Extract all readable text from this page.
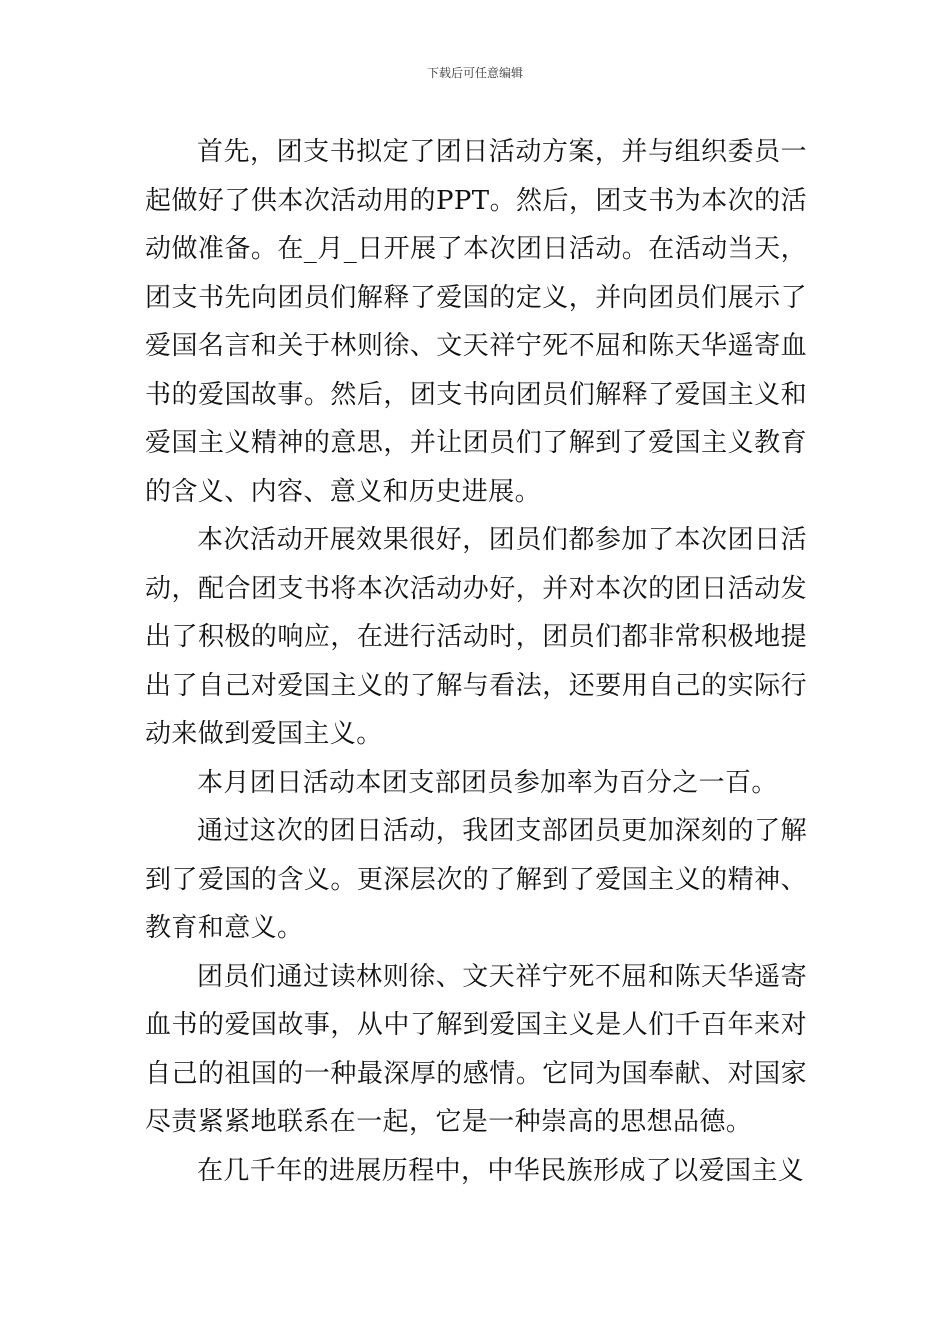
下载后可任意编辑

首先，团支书拟定了团日活动方案，并与组织委员一起做好了供本次活动用的PPT。然后，团支书为本次的活动做准备。在_月_日开展了本次团日活动。在活动当天，团支书先向团员们解释了爱国的定义，并向团员们展示了爱国名言和关于林则徐、文天祥宁死不屈和陈天华遥寄血书的爱国故事。然后，团支书向团员们解释了爱国主义和爱国主义精神的意思，并让团员们了解到了爱国主义教育的含义、内容、意义和历史进展。

本次活动开展效果很好，团员们都参加了本次团日活动，配合团支书将本次活动办好，并对本次的团日活动发出了积极的响应，在进行活动时，团员们都非常积极地提出了自己对爱国主义的了解与看法，还要用自己的实际行动来做到爱国主义。

本月团日活动本团支部团员参加率为百分之一百。

通过这次的团日活动，我团支部团员更加深刻的了解到了爱国的含义。更深层次的了解到了爱国主义的精神、教育和意义。

团员们通过读林则徐、文天祥宁死不屈和陈天华遥寄血书的爱国故事，从中了解到爱国主义是人们千百年来对自己的祖国的一种最深厚的感情。它同为国奉献、对国家尽责紧紧地联系在一起，它是一种崇高的思想品德。

在几千年的进展历程中，中华民族形成了以爱国主义
